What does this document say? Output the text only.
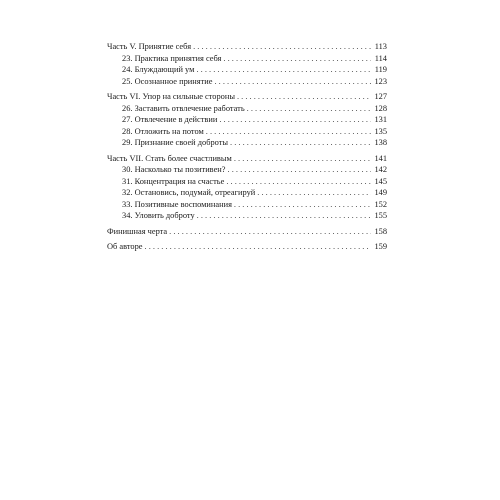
Часть V. Принятие себя . . .	113
23. Практика принятия себя . . .	114
24. Блуждающий ум . . .	119
25. Осознанное принятие . . .	123
Часть VI. Упор на сильные стороны . . .	127
26. Заставить отвлечение работать . . .	128
27. Отвлечение в действии . . .	131
28. Отложить на потом . . .	135
29. Признание своей доброты . . .	138
Часть VII. Стать более счастливым . . .	141
30. Насколько ты позитивен? . . .	142
31. Концентрация на счастье . . .	145
32. Остановись, подумай, отреагируй . . .	149
33. Позитивные воспоминания . . .	152
34. Уловить доброту . . .	155
Финишная черта . . .	158
Об авторе . . .	159
